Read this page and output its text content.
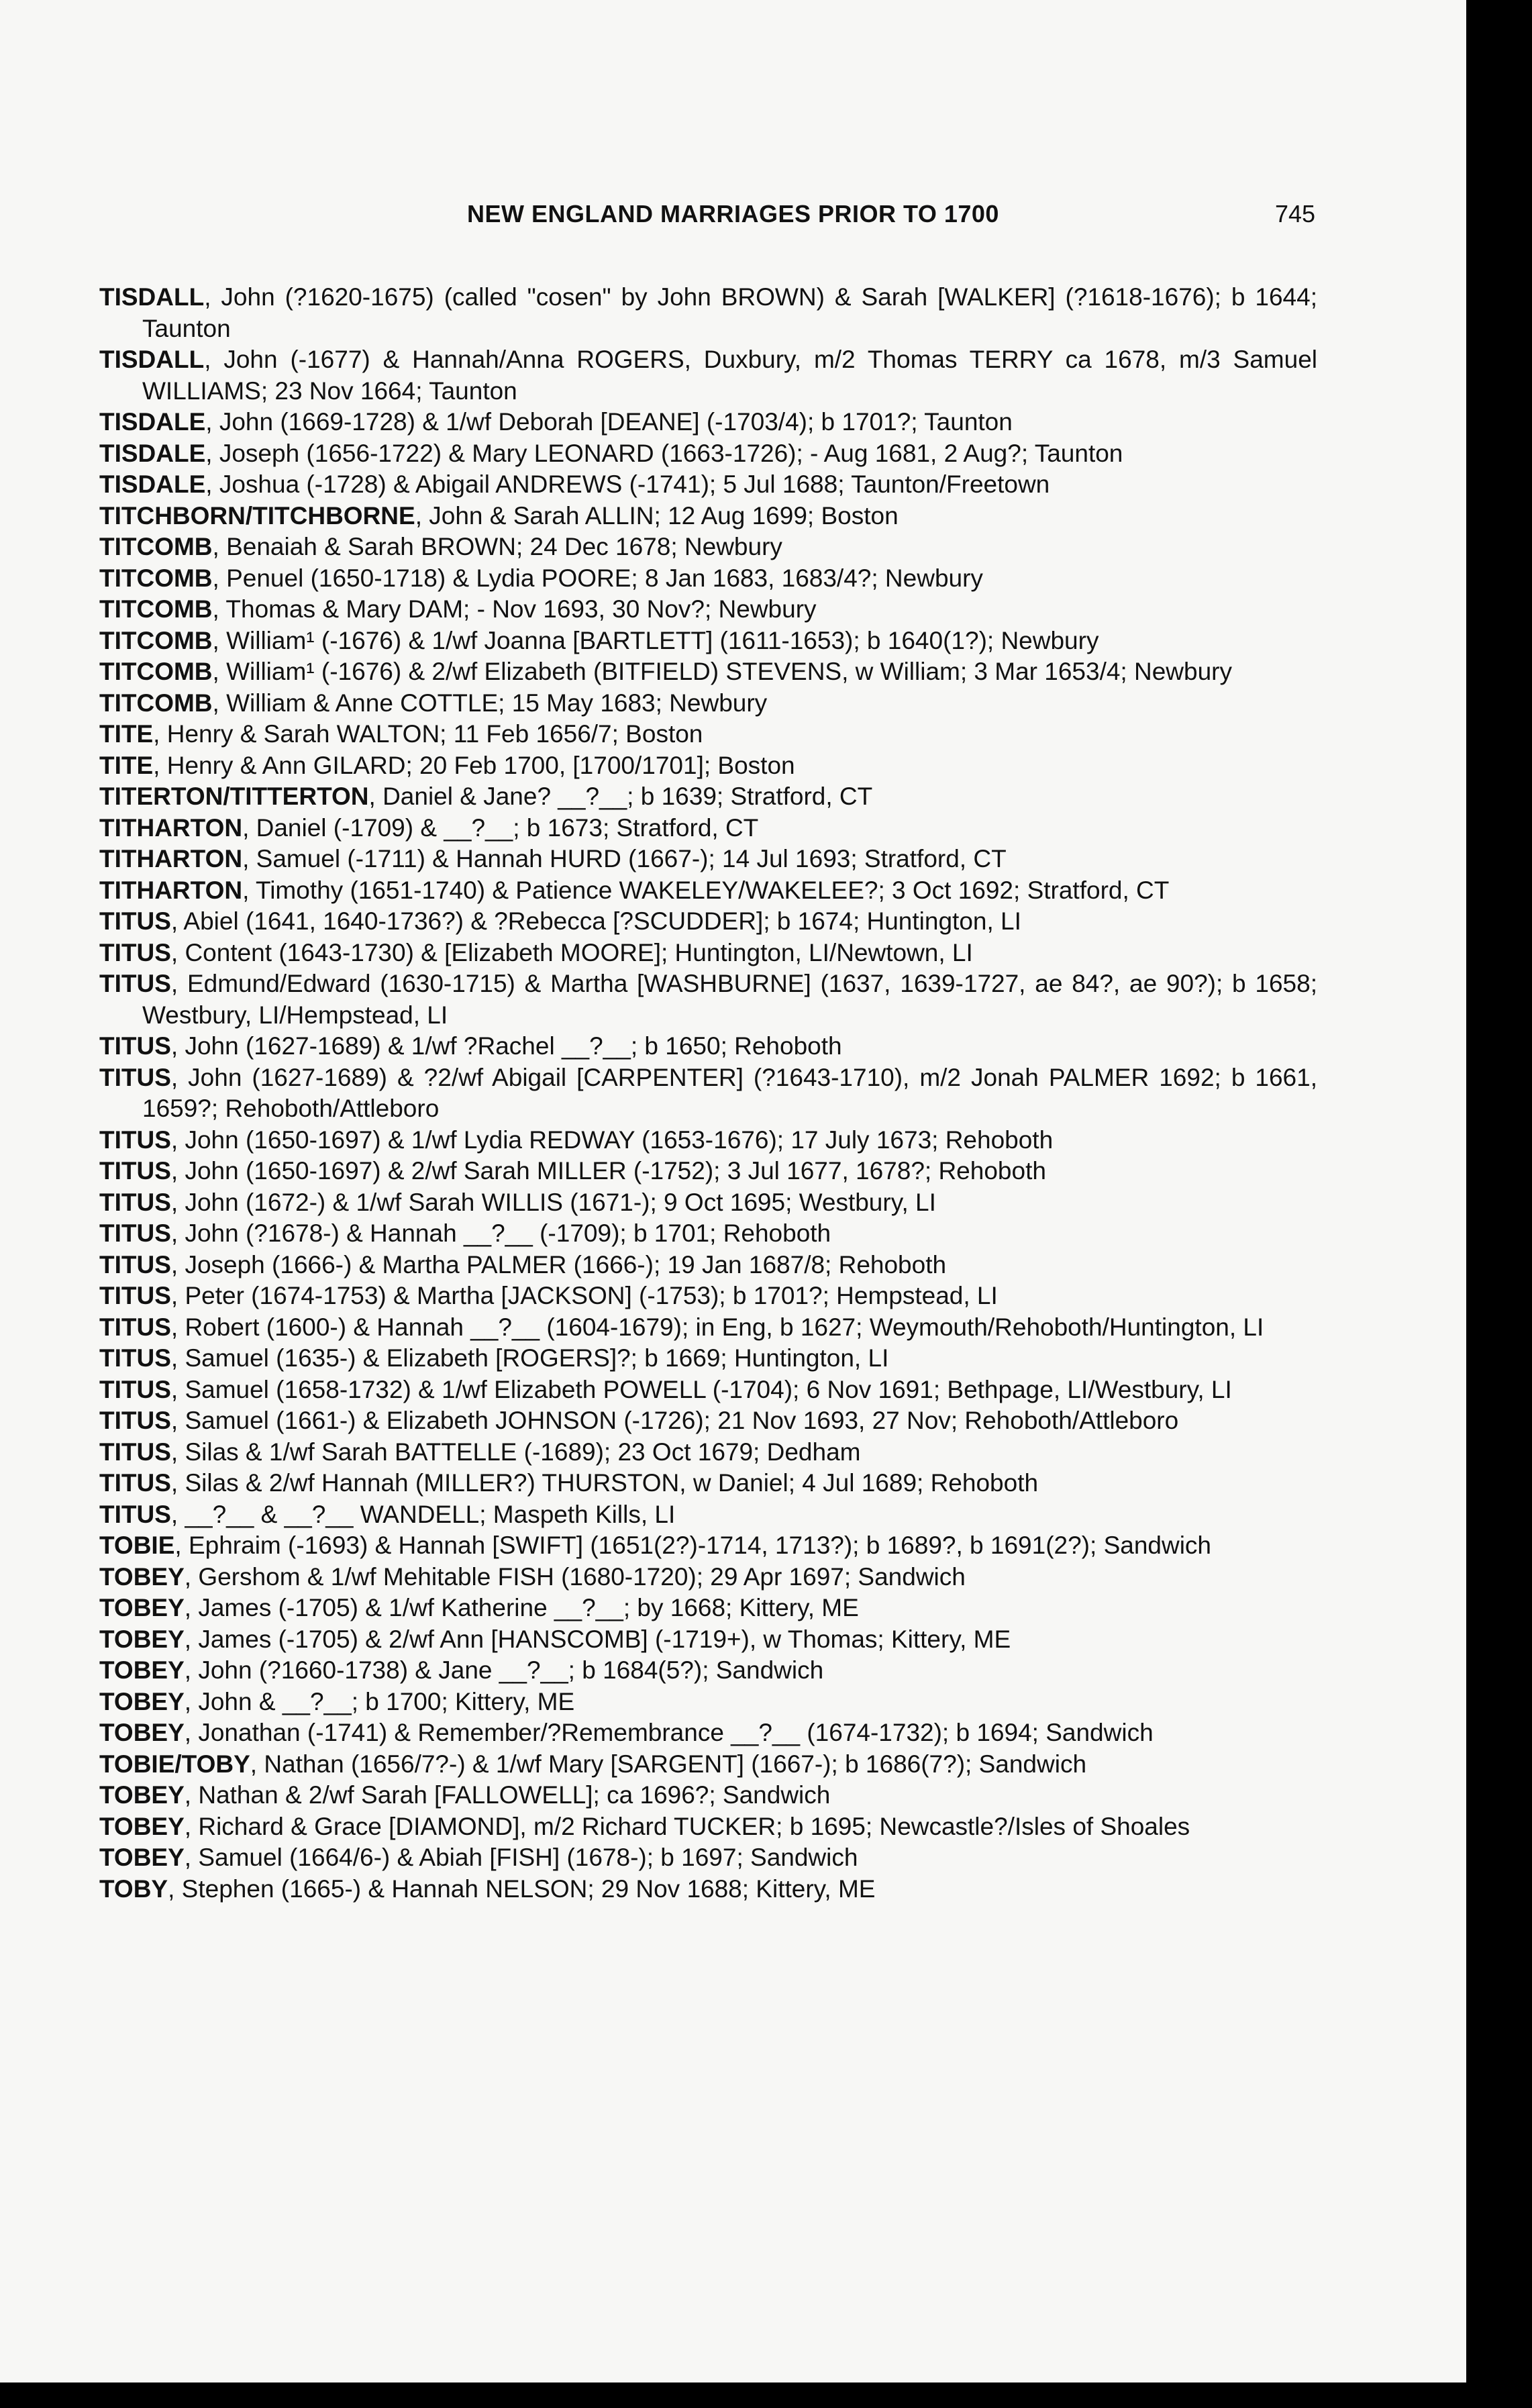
NEW ENGLAND MARRIAGES PRIOR TO 1700	745
TISDALL, John (?1620-1675) (called "cosen" by John BROWN) & Sarah [WALKER] (?1618-1676); b 1644; Taunton
TISDALL, John (-1677) & Hannah/Anna ROGERS, Duxbury, m/2 Thomas TERRY ca 1678, m/3 Samuel WILLIAMS; 23 Nov 1664; Taunton
TISDALE, John (1669-1728) & 1/wf Deborah [DEANE] (-1703/4); b 1701?; Taunton
TISDALE, Joseph (1656-1722) & Mary LEONARD (1663-1726); - Aug 1681, 2 Aug?; Taunton
TISDALE, Joshua (-1728) & Abigail ANDREWS (-1741); 5 Jul 1688; Taunton/Freetown
TITCHBORN/TITCHBORNE, John & Sarah ALLIN; 12 Aug 1699; Boston
TITCOMB, Benaiah & Sarah BROWN; 24 Dec 1678; Newbury
TITCOMB, Penuel (1650-1718) & Lydia POORE; 8 Jan 1683, 1683/4?; Newbury
TITCOMB, Thomas & Mary DAM; - Nov 1693, 30 Nov?; Newbury
TITCOMB, William¹ (-1676) & 1/wf Joanna [BARTLETT] (1611-1653); b 1640(1?); Newbury
TITCOMB, William¹ (-1676) & 2/wf Elizabeth (BITFIELD) STEVENS, w William; 3 Mar 1653/4; Newbury
TITCOMB, William & Anne COTTLE; 15 May 1683; Newbury
TITE, Henry & Sarah WALTON; 11 Feb 1656/7; Boston
TITE, Henry & Ann GILARD; 20 Feb 1700, [1700/1701]; Boston
TITERTON/TITTERTON, Daniel & Jane? __?__; b 1639; Stratford, CT
TITHARTON, Daniel (-1709) & __?__; b 1673; Stratford, CT
TITHARTON, Samuel (-1711) & Hannah HURD (1667-); 14 Jul 1693; Stratford, CT
TITHARTON, Timothy (1651-1740) & Patience WAKELEY/WAKELEE?; 3 Oct 1692; Stratford, CT
TITUS, Abiel (1641, 1640-1736?) & ?Rebecca [?SCUDDER]; b 1674; Huntington, LI
TITUS, Content (1643-1730) & [Elizabeth MOORE]; Huntington, LI/Newtown, LI
TITUS, Edmund/Edward (1630-1715) & Martha [WASHBURNE] (1637, 1639-1727, ae 84?, ae 90?); b 1658; Westbury, LI/Hempstead, LI
TITUS, John (1627-1689) & 1/wf ?Rachel __?__; b 1650; Rehoboth
TITUS, John (1627-1689) & ?2/wf Abigail [CARPENTER] (?1643-1710), m/2 Jonah PALMER 1692; b 1661, 1659?; Rehoboth/Attleboro
TITUS, John (1650-1697) & 1/wf Lydia REDWAY (1653-1676); 17 July 1673; Rehoboth
TITUS, John (1650-1697) & 2/wf Sarah MILLER (-1752); 3 Jul 1677, 1678?; Rehoboth
TITUS, John (1672-) & 1/wf Sarah WILLIS (1671-); 9 Oct 1695; Westbury, LI
TITUS, John (?1678-) & Hannah __?__ (-1709); b 1701; Rehoboth
TITUS, Joseph (1666-) & Martha PALMER (1666-); 19 Jan 1687/8; Rehoboth
TITUS, Peter (1674-1753) & Martha [JACKSON] (-1753); b 1701?; Hempstead, LI
TITUS, Robert (1600-) & Hannah __?__ (1604-1679); in Eng, b 1627; Weymouth/Rehoboth/Huntington, LI
TITUS, Samuel (1635-) & Elizabeth [ROGERS]?; b 1669; Huntington, LI
TITUS, Samuel (1658-1732) & 1/wf Elizabeth POWELL (-1704); 6 Nov 1691; Bethpage, LI/Westbury, LI
TITUS, Samuel (1661-) & Elizabeth JOHNSON (-1726); 21 Nov 1693, 27 Nov; Rehoboth/Attleboro
TITUS, Silas & 1/wf Sarah BATTELLE (-1689); 23 Oct 1679; Dedham
TITUS, Silas & 2/wf Hannah (MILLER?) THURSTON, w Daniel; 4 Jul 1689; Rehoboth
TITUS, __?__ & __?__ WANDELL; Maspeth Kills, LI
TOBIE, Ephraim (-1693) & Hannah [SWIFT] (1651(2?)-1714, 1713?); b 1689?, b 1691(2?); Sandwich
TOBEY, Gershom & 1/wf Mehitable FISH (1680-1720); 29 Apr 1697; Sandwich
TOBEY, James (-1705) & 1/wf Katherine __?__; by 1668; Kittery, ME
TOBEY, James (-1705) & 2/wf Ann [HANSCOMB] (-1719+), w Thomas; Kittery, ME
TOBEY, John (?1660-1738) & Jane __?__; b 1684(5?); Sandwich
TOBEY, John & __?__; b 1700; Kittery, ME
TOBEY, Jonathan (-1741) & Remember/?Remembrance __?__ (1674-1732); b 1694; Sandwich
TOBIE/TOBY, Nathan (1656/7?-) & 1/wf Mary [SARGENT] (1667-); b 1686(7?); Sandwich
TOBEY, Nathan & 2/wf Sarah [FALLOWELL]; ca 1696?; Sandwich
TOBEY, Richard & Grace [DIAMOND], m/2 Richard TUCKER; b 1695; Newcastle?/Isles of Shoales
TOBEY, Samuel (1664/6-) & Abiah [FISH] (1678-); b 1697; Sandwich
TOBY, Stephen (1665-) & Hannah NELSON; 29 Nov 1688; Kittery, ME
